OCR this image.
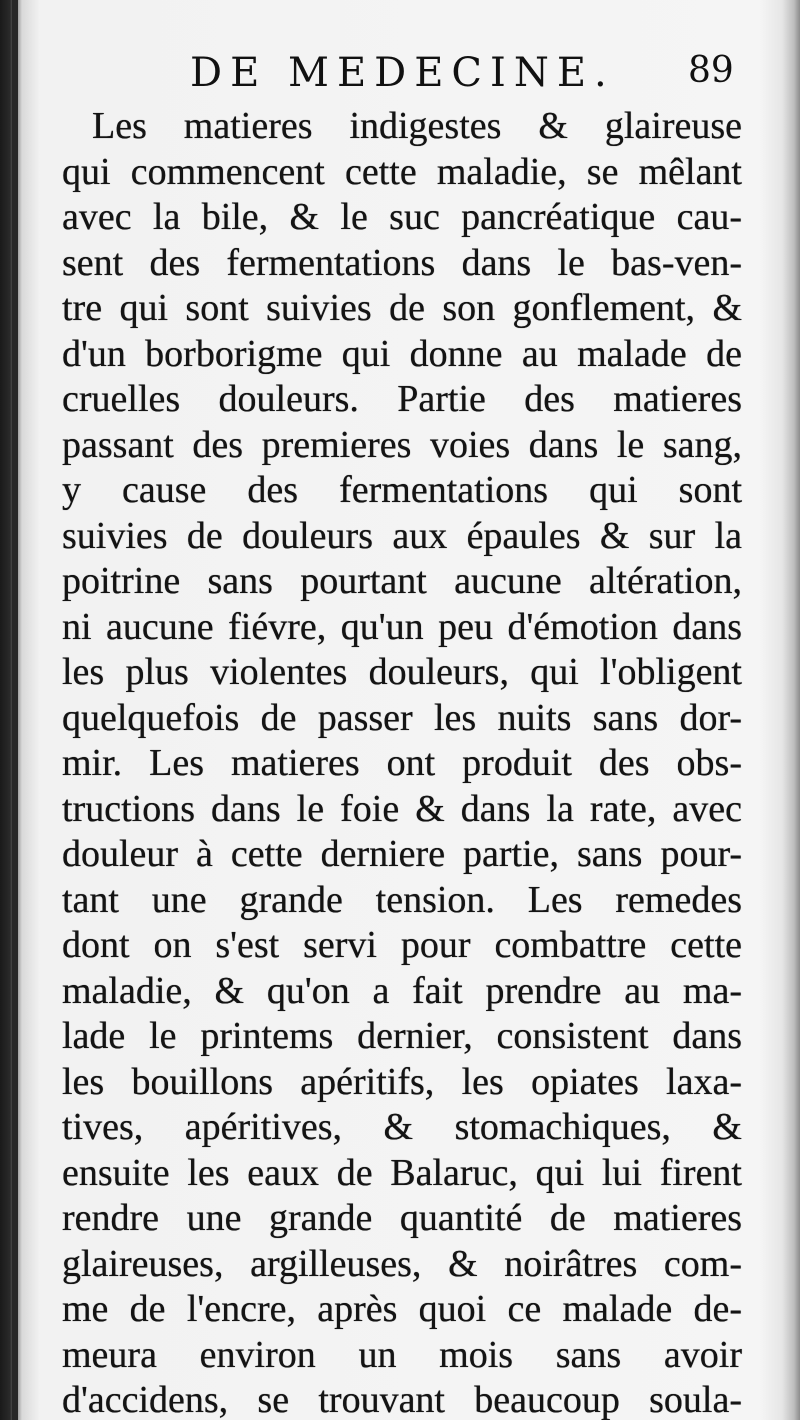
DE MEDECINE. 89
Les matieres indigestes & glaireuse
qui commencent cette maladie, se mêlant
avec la bile, & le suc pancréatique cau-
sent des fermentations dans le bas-ven-
tre qui sont suivies de son gonflement, &
d'un borborigme qui donne au malade de
cruelles douleurs. Partie des matieres
passant des premieres voies dans le sang,
y cause des fermentations qui sont
suivies de douleurs aux épaules & sur la
poitrine sans pourtant aucune altération,
ni aucune fiévre, qu'un peu d'émotion dans
les plus violentes douleurs, qui l'obligent
quelquefois de passer les nuits sans dor-
mir. Les matieres ont produit des obs-
tructions dans le foie & dans la rate, avec
douleur à cette derniere partie, sans pour-
tant une grande tension. Les remedes
dont on s'est servi pour combattre cette
maladie, & qu'on a fait prendre au ma-
lade le printems dernier, consistent dans
les bouillons apéritifs, les opiates laxa-
tives, apéritives, & stomachiques, &
ensuite les eaux de Balaruc, qui lui firent
rendre une grande quantité de matieres
glaireuses, argilleuses, & noirâtres com-
me de l'encre, après quoi ce malade de-
meura environ un mois sans avoir
d'accidens, se trouvant beaucoup soula-
